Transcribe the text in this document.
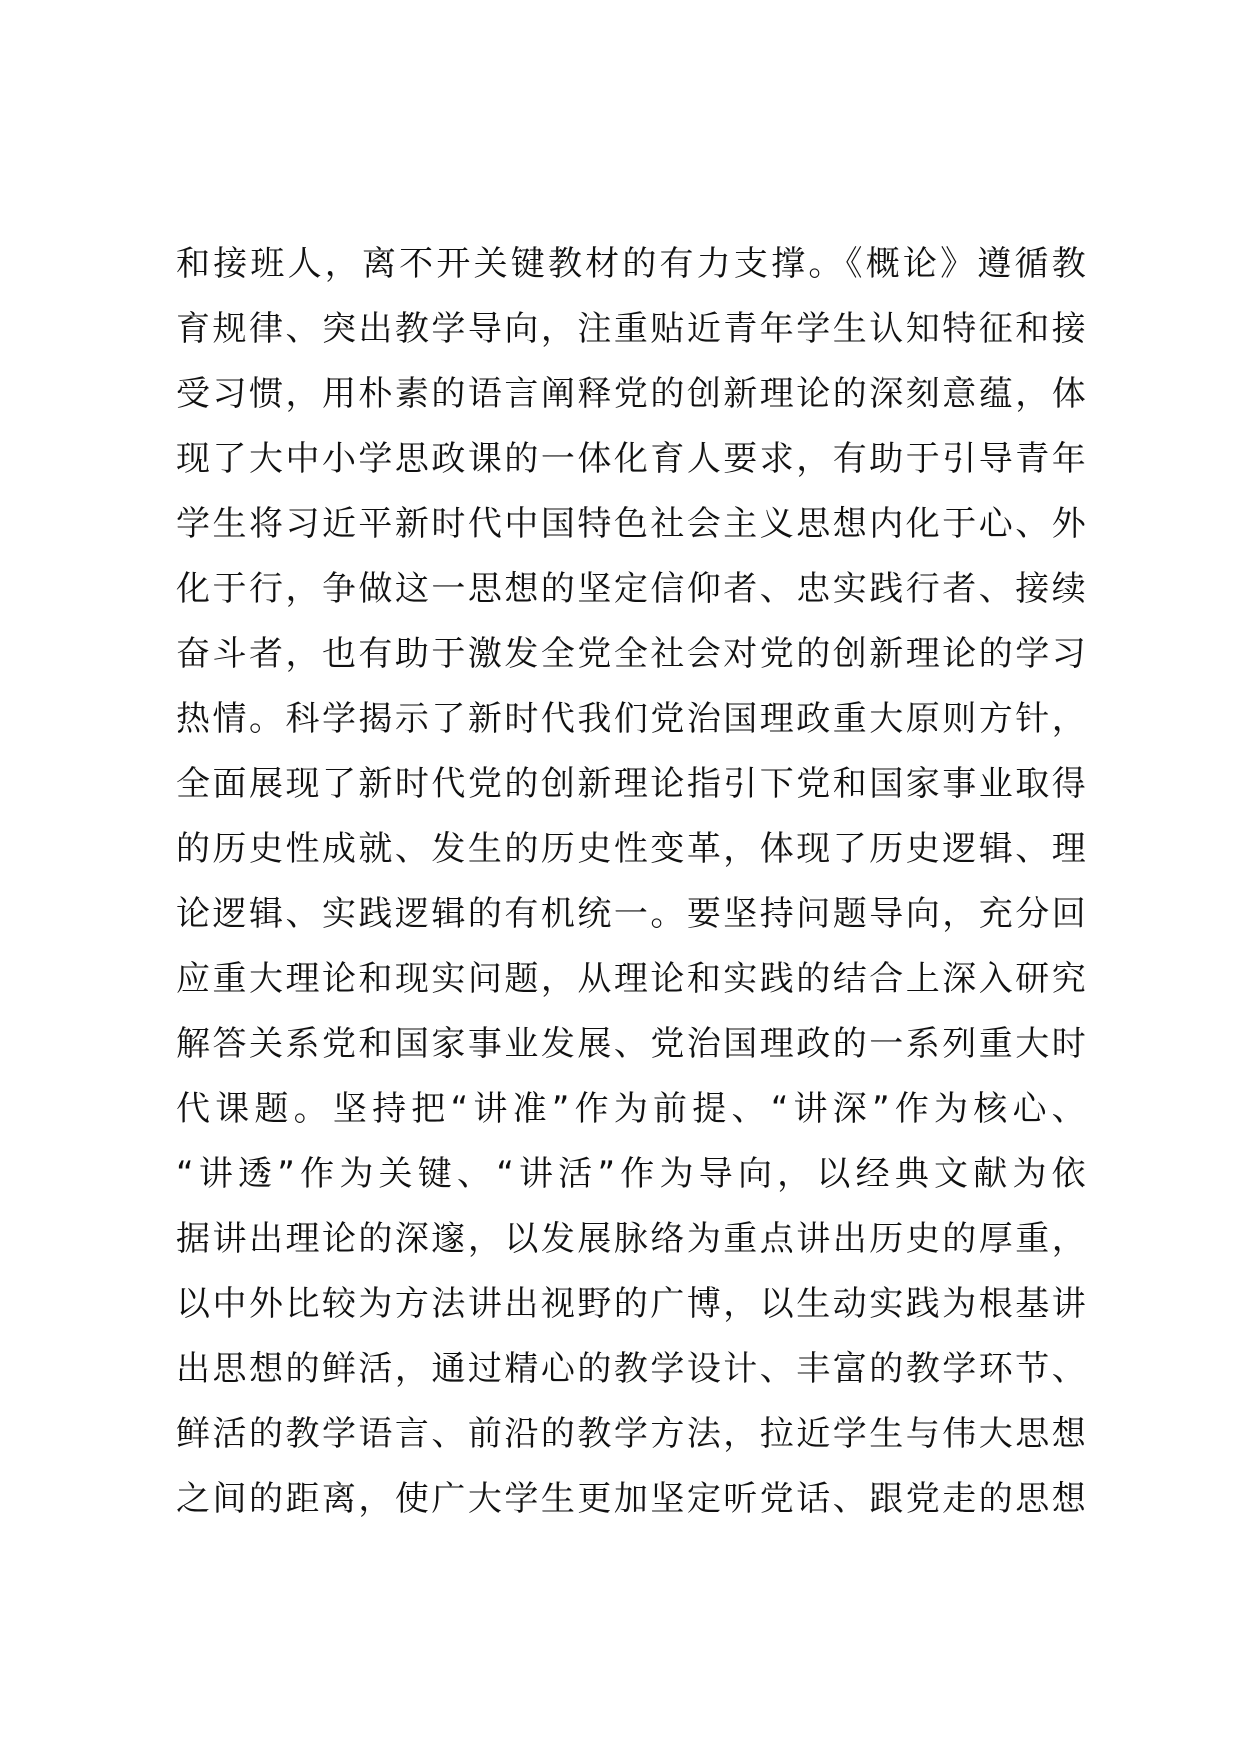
和接班人，离不开关键教材的有力支撑。《概论》遵循教
育规律、突出教学导向，注重贴近青年学生认知特征和接
受习惯，用朴素的语言阐释党的创新理论的深刻意蕴，体
现了大中小学思政课的一体化育人要求，有助于引导青年
学生将习近平新时代中国特色社会主义思想内化于心、外
化于行，争做这一思想的坚定信仰者、忠实践行者、接续
奋斗者，也有助于激发全党全社会对党的创新理论的学习
热情。科学揭示了新时代我们党治国理政重大原则方针，
全面展现了新时代党的创新理论指引下党和国家事业取得
的历史性成就、发生的历史性变革，体现了历史逻辑、理
论逻辑、实践逻辑的有机统一。要坚持问题导向，充分回
应重大理论和现实问题，从理论和实践的结合上深入研究
解答关系党和国家事业发展、党治国理政的一系列重大时
代课题。坚持把“讲准”作为前提、“讲深”作为核心、
“讲透”作为关键、“讲活”作为导向，以经典文献为依
据讲出理论的深邃，以发展脉络为重点讲出历史的厚重，
以中外比较为方法讲出视野的广博，以生动实践为根基讲
出思想的鲜活，通过精心的教学设计、丰富的教学环节、
鲜活的教学语言、前沿的教学方法，拉近学生与伟大思想
之间的距离，使广大学生更加坚定听党话、跟党走的思想
